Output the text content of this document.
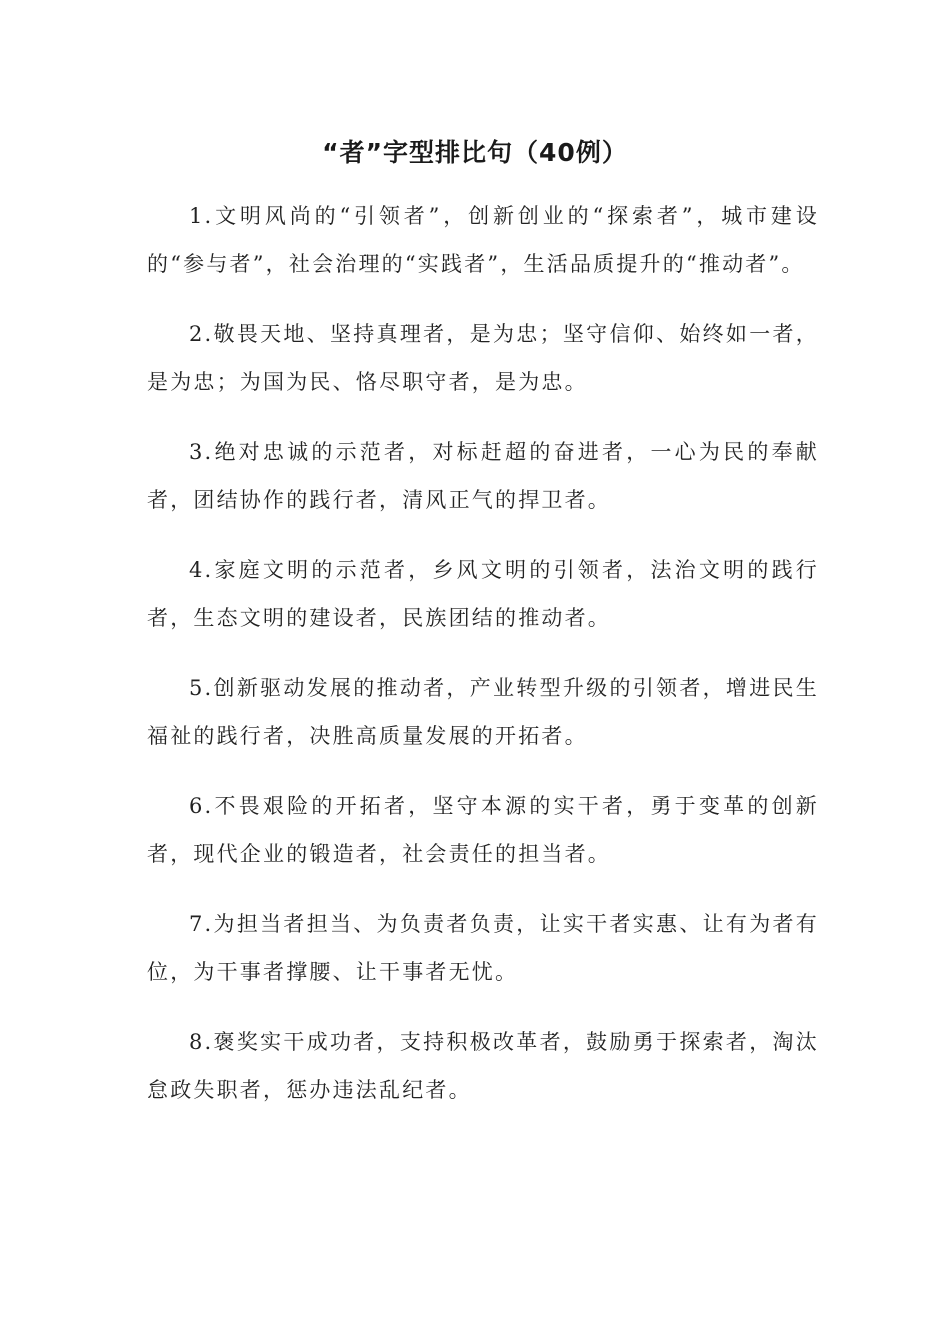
“者”字型排比句（40例）

1.文明风尚的“引领者”，创新创业的“探索者”，城市建设的“参与者”，社会治理的“实践者”，生活品质提升的“推动者”。

2.敬畏天地、坚持真理者，是为忠；坚守信仰、始终如一者，是为忠；为国为民、恪尽职守者，是为忠。

3.绝对忠诚的示范者，对标赶超的奋进者，一心为民的奉献者，团结协作的践行者，清风正气的捍卫者。

4.家庭文明的示范者，乡风文明的引领者，法治文明的践行者，生态文明的建设者，民族团结的推动者。

5.创新驱动发展的推动者，产业转型升级的引领者，增进民生福祉的践行者，决胜高质量发展的开拓者。

6.不畏艰险的开拓者，坚守本源的实干者，勇于变革的创新者，现代企业的锻造者，社会责任的担当者。

7.为担当者担当、为负责者负责，让实干者实惠、让有为者有位，为干事者撑腰、让干事者无忧。

8.褒奖实干成功者，支持积极改革者，鼓励勇于探索者，淘汰怠政失职者，惩办违法乱纪者。
